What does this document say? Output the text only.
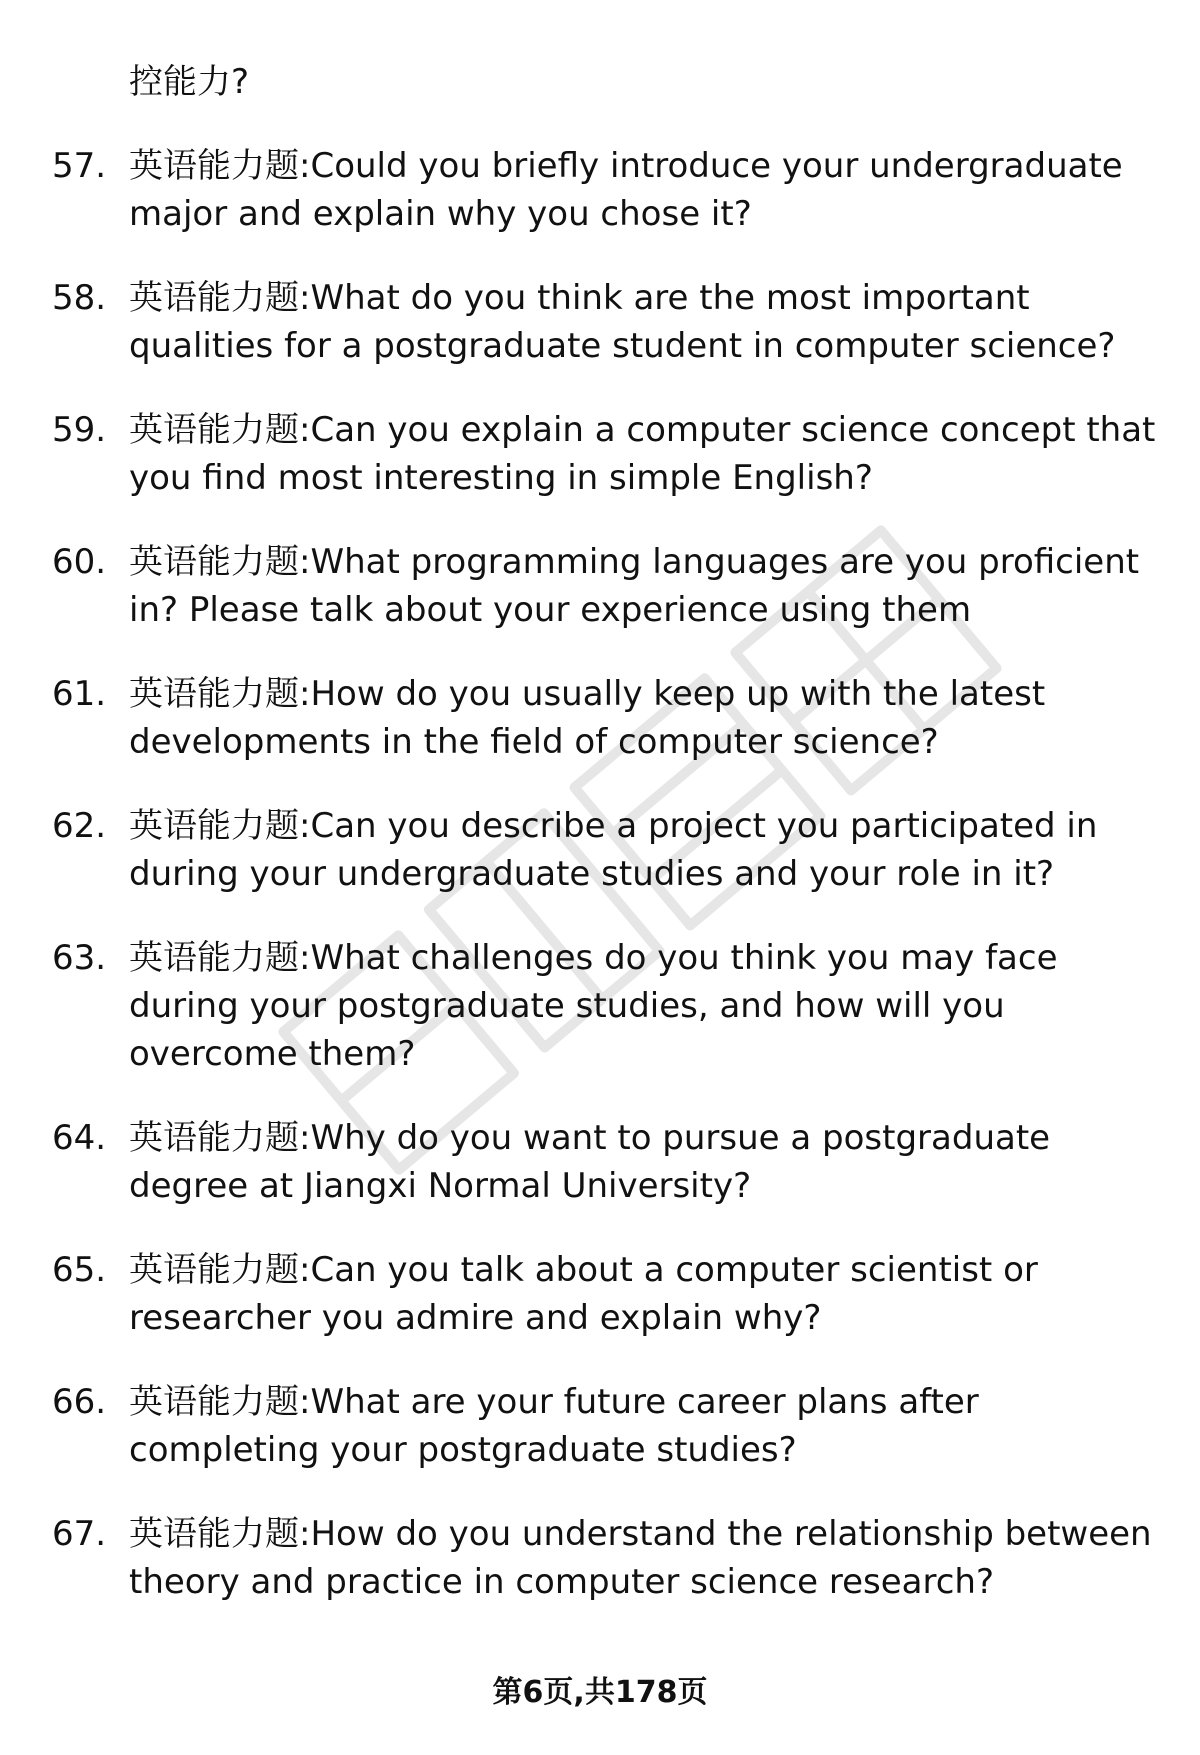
控能力?

57. 英语能力题:Could you briefly introduce your undergraduate major and explain why you chose it?
58. 英语能力题:What do you think are the most important qualities for a postgraduate student in computer science?
59. 英语能力题:Can you explain a computer science concept that you find most interesting in simple English?
60. 英语能力题:What programming languages are you proficient in? Please talk about your experience using them
61. 英语能力题:How do you usually keep up with the latest developments in the field of computer science?
62. 英语能力题:Can you describe a project you participated in during your undergraduate studies and your role in it?
63. 英语能力题:What challenges do you think you may face during your postgraduate studies, and how will you overcome them?
64. 英语能力题:Why do you want to pursue a postgraduate degree at Jiangxi Normal University?
65. 英语能力题:Can you talk about a computer scientist or researcher you admire and explain why?
66. 英语能力题:What are your future career plans after completing your postgraduate studies?
67. 英语能力题:How do you understand the relationship between theory and practice in computer science research?
第6页,共178页
